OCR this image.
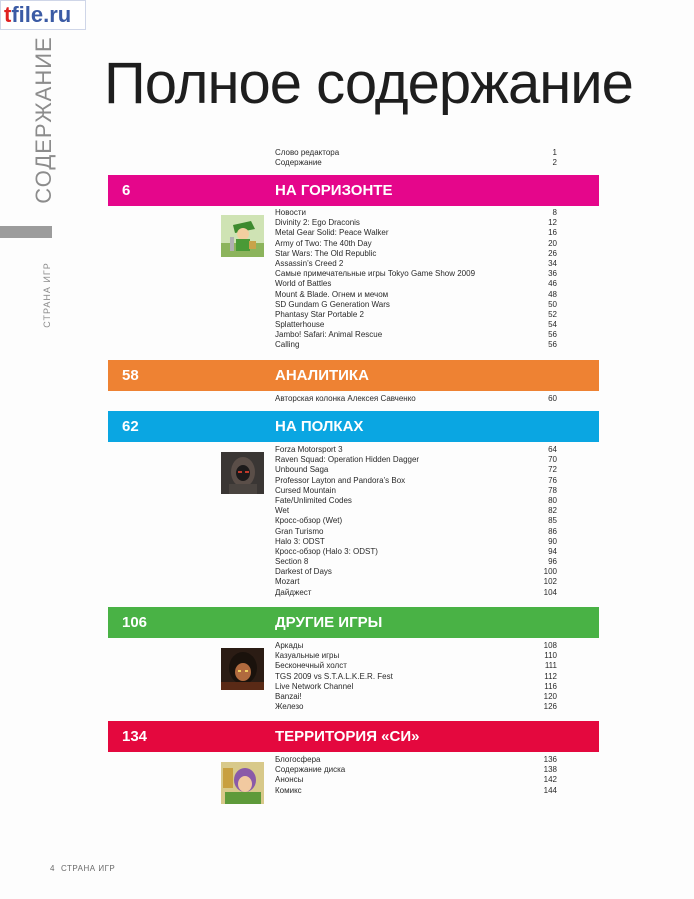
tfile.ru
СОДЕРЖАНИЕ
СТРАНА ИГР
Полное содержание
Слово редактора	1
Содержание	2
6	НА ГОРИЗОНТЕ
Новости	8
Divinity 2: Ego Draconis	12
Metal Gear Solid: Peace Walker	16
Army of Two: The 40th Day	20
Star Wars: The Old Republic	26
Assassin’s Creed 2	34
Самые примечательные игры Tokyo Game Show 2009	36
World of Battles	46
Mount & Blade. Огнем и мечом	48
SD Gundam G Generation Wars	50
Phantasy Star Portable 2	52
Splatterhouse	54
Jambo! Safari: Animal Rescue	56
Calling	56
58	АНАЛИТИКА
Авторская колонка Алексея Савченко	60
62	НА ПОЛКАХ
Forza Motorsport 3	64
Raven Squad: Operation Hidden Dagger	70
Unbound Saga	72
Professor Layton and Pandora’s Box	76
Cursed Mountain	78
Fate/Unlimited Codes	80
Wet	82
Кросс-обзор (Wet)	85
Gran Turismo	86
Halo 3: ODST	90
Кросс-обзор (Halo 3: ODST)	94
Section 8	96
Darkest of Days	100
Mozart	102
Дайджест	104
106	ДРУГИЕ ИГРЫ
Аркады	108
Казуальные игры	110
Бесконечный холст	111
TGS 2009 vs S.T.A.L.K.E.R. Fest	112
Live Network Channel	116
Banzai!	120
Железо	126
134	ТЕРРИТОРИЯ «СИ»
Блогосфера	136
Содержание диска	138
Анонсы	142
Комикс	144
4 СТРАНА ИГР
